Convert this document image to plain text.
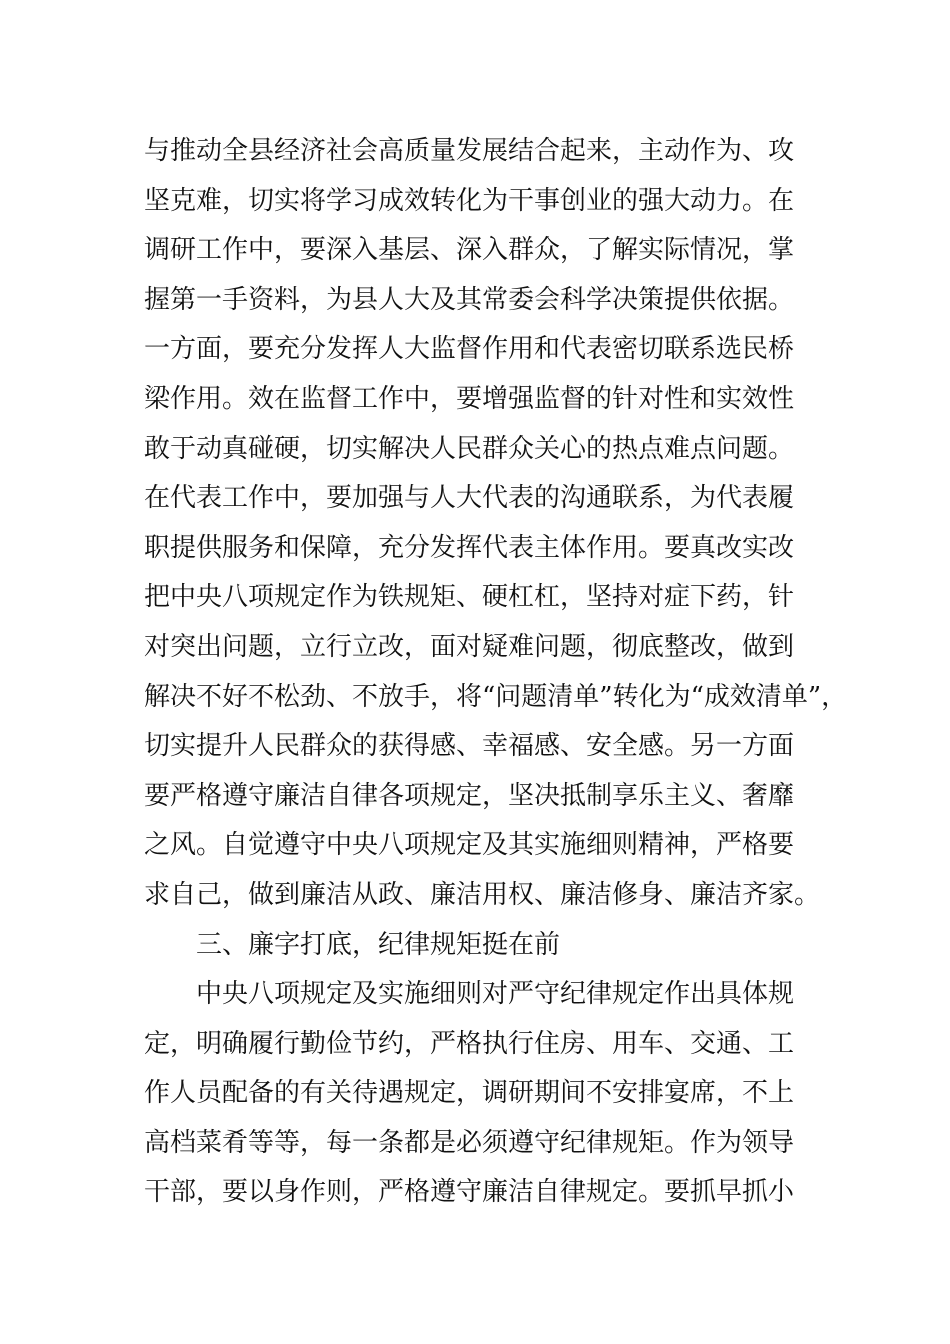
与推动全县经济社会高质量发展结合起来，主动作为、攻
坚克难，切实将学习成效转化为干事创业的强大动力。在
调研工作中，要深入基层、深入群众，了解实际情况，掌
握第一手资料，为县人大及其常委会科学决策提供依据。
一方面，要充分发挥人大监督作用和代表密切联系选民桥
梁作用。效在监督工作中，要增强监督的针对性和实效性
敢于动真碰硬，切实解决人民群众关心的热点难点问题。
在代表工作中，要加强与人大代表的沟通联系，为代表履
职提供服务和保障，充分发挥代表主体作用。要真改实改
把中央八项规定作为铁规矩、硬杠杠，坚持对症下药，针
对突出问题，立行立改，面对疑难问题，彻底整改，做到
解决不好不松劲、不放手，将“问题清单”转化为“成效清单”，
切实提升人民群众的获得感、幸福感、安全感。另一方面
要严格遵守廉洁自律各项规定，坚决抵制享乐主义、奢靡
之风。自觉遵守中央八项规定及其实施细则精神，严格要
求自己，做到廉洁从政、廉洁用权、廉洁修身、廉洁齐家。
三、廉字打底，纪律规矩挺在前
中央八项规定及实施细则对严守纪律规定作出具体规
定，明确履行勤俭节约，严格执行住房、用车、交通、工
作人员配备的有关待遇规定，调研期间不安排宴席，不上
高档菜肴等等，每一条都是必须遵守纪律规矩。作为领导
干部，要以身作则，严格遵守廉洁自律规定。要抓早抓小
